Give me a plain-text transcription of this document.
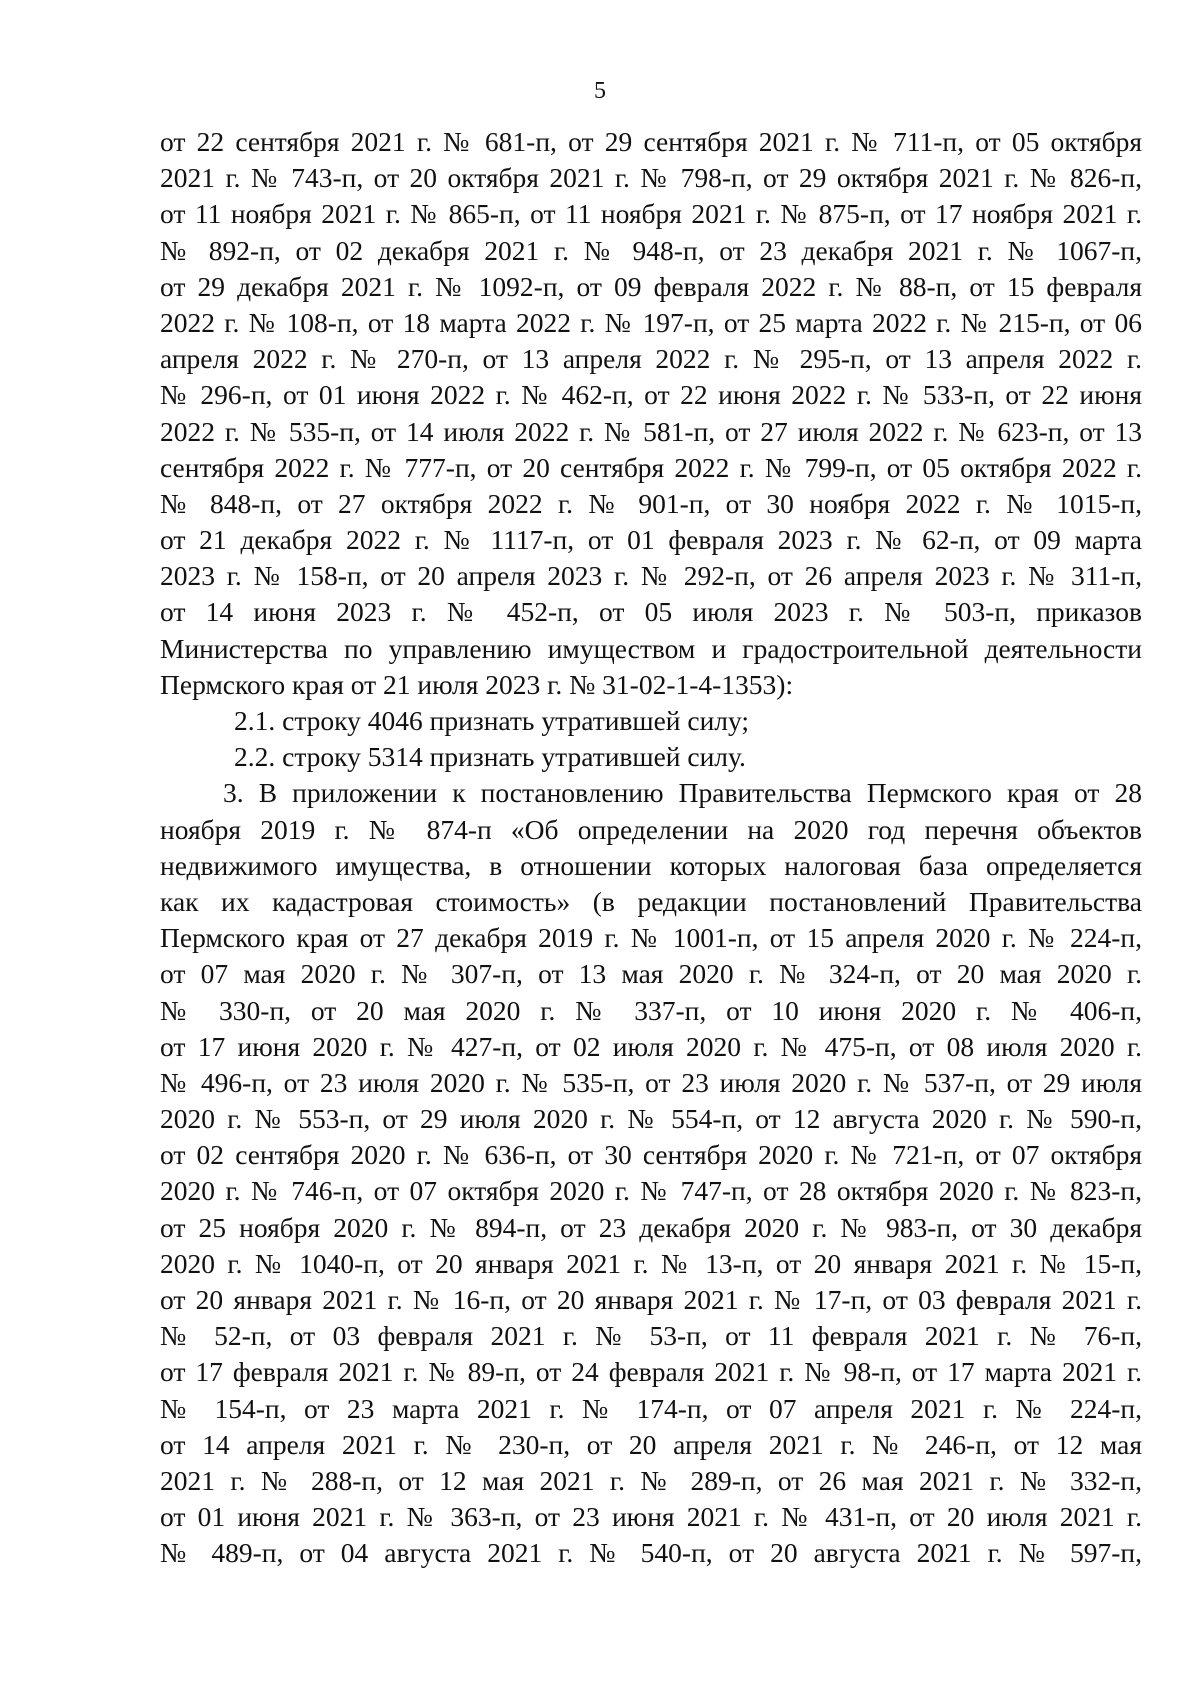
5
от 22 сентября 2021 г. № 681-п, от 29 сентября 2021 г. № 711-п, от 05 октября
2021 г. № 743-п, от 20 октября 2021 г. № 798-п, от 29 октября 2021 г. № 826-п,
от 11 ноября 2021 г. № 865-п, от 11 ноября 2021 г. № 875-п, от 17 ноября 2021 г.
№ 892-п, от 02 декабря 2021 г. № 948-п, от 23 декабря 2021 г. № 1067-п,
от 29 декабря 2021 г. № 1092-п, от 09 февраля 2022 г. № 88-п, от 15 февраля
2022 г. № 108-п, от 18 марта 2022 г. № 197-п, от 25 марта 2022 г. № 215-п, от 06
апреля 2022 г. № 270-п, от 13 апреля 2022 г. № 295-п, от 13 апреля 2022 г.
№ 296-п, от 01 июня 2022 г. № 462-п, от 22 июня 2022 г. № 533-п, от 22 июня
2022 г. № 535-п, от 14 июля 2022 г. № 581-п, от 27 июля 2022 г. № 623-п, от 13
сентября 2022 г. № 777-п, от 20 сентября 2022 г. № 799-п, от 05 октября 2022 г.
№ 848-п, от 27 октября 2022 г. № 901-п, от 30 ноября 2022 г. № 1015-п,
от 21 декабря 2022 г. № 1117-п, от 01 февраля 2023 г. № 62-п, от 09 марта
2023 г. № 158-п, от 20 апреля 2023 г. № 292-п, от 26 апреля 2023 г. № 311-п,
от 14 июня 2023 г. № 452-п, от 05 июля 2023 г. № 503-п, приказов
Министерства по управлению имуществом и градостроительной деятельности
Пермского края от 21 июля 2023 г. № 31-02-1-4-1353):
2.1. строку 4046 признать утратившей силу;
2.2. строку 5314 признать утратившей силу.
3. В приложении к постановлению Правительства Пермского края от 28
ноября 2019 г. № 874-п «Об определении на 2020 год перечня объектов
недвижимого имущества, в отношении которых налоговая база определяется
как их кадастровая стоимость» (в редакции постановлений Правительства
Пермского края от 27 декабря 2019 г. № 1001-п, от 15 апреля 2020 г. № 224-п,
от 07 мая 2020 г. № 307-п, от 13 мая 2020 г. № 324-п, от 20 мая 2020 г.
№ 330-п, от 20 мая 2020 г. № 337-п, от 10 июня 2020 г. № 406-п,
от 17 июня 2020 г. № 427-п, от 02 июля 2020 г. № 475-п, от 08 июля 2020 г.
№ 496-п, от 23 июля 2020 г. № 535-п, от 23 июля 2020 г. № 537-п, от 29 июля
2020 г. № 553-п, от 29 июля 2020 г. № 554-п, от 12 августа 2020 г. № 590-п,
от 02 сентября 2020 г. № 636-п, от 30 сентября 2020 г. № 721-п, от 07 октября
2020 г. № 746-п, от 07 октября 2020 г. № 747-п, от 28 октября 2020 г. № 823-п,
от 25 ноября 2020 г. № 894-п, от 23 декабря 2020 г. № 983-п, от 30 декабря
2020 г. № 1040-п, от 20 января 2021 г. № 13-п, от 20 января 2021 г. № 15-п,
от 20 января 2021 г. № 16-п, от 20 января 2021 г. № 17-п, от 03 февраля 2021 г.
№ 52-п, от 03 февраля 2021 г. № 53-п, от 11 февраля 2021 г. № 76-п,
от 17 февраля 2021 г. № 89-п, от 24 февраля 2021 г. № 98-п, от 17 марта 2021 г.
№ 154-п, от 23 марта 2021 г. № 174-п, от 07 апреля 2021 г. № 224-п,
от 14 апреля 2021 г. № 230-п, от 20 апреля 2021 г. № 246-п, от 12 мая
2021 г. № 288-п, от 12 мая 2021 г. № 289-п, от 26 мая 2021 г. № 332-п,
от 01 июня 2021 г. № 363-п, от 23 июня 2021 г. № 431-п, от 20 июля 2021 г.
№ 489-п, от 04 августа 2021 г. № 540-п, от 20 августа 2021 г. № 597-п,
